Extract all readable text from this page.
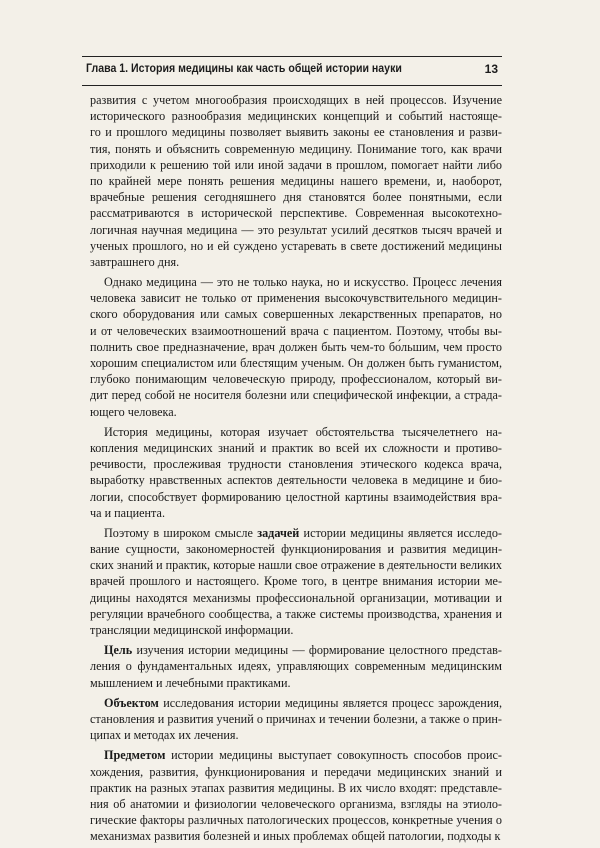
Глава 1. История медицины как часть общей истории науки	13
развития с учетом многообразия происходящих в ней процессов. Изучение
исторического разнообразия медицинских концепций и событий настояще-
го и прошлого медицины позволяет выявить законы ее становления и разви-
тия, понять и объяснить современную медицину. Понимание того, как врачи
приходили к решению той или иной задачи в прошлом, помогает найти либо
по крайней мере понять решения медицины нашего времени, и, наоборот,
врачебные решения сегодняшнего дня становятся более понятными, если
рассматриваются в исторической перспективе. Современная высокотехно-
логичная научная медицина — это результат усилий десятков тысяч врачей и
ученых прошлого, но и ей суждено устаревать в свете достижений медицины
завтрашнего дня.
Однако медицина — это не только наука, но и искусство. Процесс лечения
человека зависит не только от применения высокочувствительного медицин-
ского оборудования или самых совершенных лекарственных препаратов, но
и от человеческих взаимоотношений врача с пациентом. Поэтому, чтобы вы-
полнить свое предназначение, врач должен быть чем-то бо́льшим, чем просто
хорошим специалистом или блестящим ученым. Он должен быть гуманистом,
глубоко понимающим человеческую природу, профессионалом, который ви-
дит перед собой не носителя болезни или специфической инфекции, а страда-
ющего человека.
История медицины, которая изучает обстоятельства тысячелетнего на-
копления медицинских знаний и практик во всей их сложности и противо-
речивости, прослеживая трудности становления этического кодекса врача,
выработку нравственных аспектов деятельности человека в медицине и био-
логии, способствует формированию целостной картины взаимодействия вра-
ча и пациента.
Поэтому в широком смысле задачей истории медицины является исследо-
вание сущности, закономерностей функционирования и развития медицин-
ских знаний и практик, которые нашли свое отражение в деятельности великих
врачей прошлого и настоящего. Кроме того, в центре внимания истории ме-
дицины находятся механизмы профессиональной организации, мотивации и
регуляции врачебного сообщества, а также системы производства, хранения и
трансляции медицинской информации.
Цель изучения истории медицины — формирование целостного представ-
ления о фундаментальных идеях, управляющих современным медицинским
мышлением и лечебными практиками.
Объектом исследования истории медицины является процесс зарождения,
становления и развития учений о причинах и течении болезни, а также о прин-
ципах и методах их лечения.
Предметом истории медицины выступает совокупность способов проис-
хождения, развития, функционирования и передачи медицинских знаний и
практик на разных этапах развития медицины. В их число входят: представле-
ния об анатомии и физиологии человеческого организма, взгляды на этиоло-
гические факторы различных патологических процессов, конкретные учения о
механизмах развития болезней и иных проблемах общей патологии, подходы к
